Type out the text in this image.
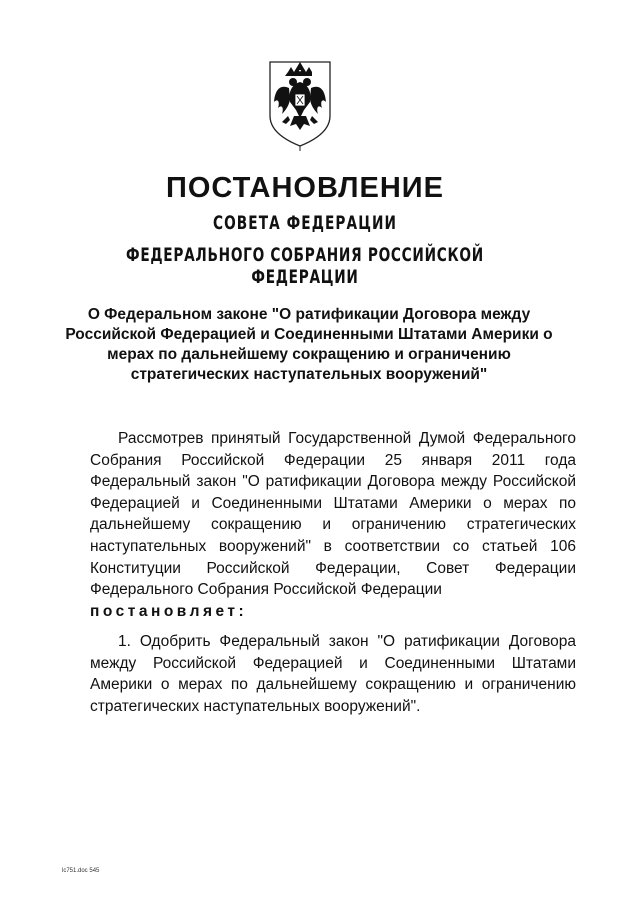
ПОСТАНОВЛЕНИЕ
СОВЕТА ФЕДЕРАЦИИ
ФЕДЕРАЛЬНОГО СОБРАНИЯ РОССИЙСКОЙ ФЕДЕРАЦИИ
О Федеральном законе "О ратификации Договора между Российской Федерацией и Соединенными Штатами Америки о мерах по дальнейшему сокращению и ограничению стратегических наступательных вооружений"
Рассмотрев принятый Государственной Думой Федерального Собрания Российской Федерации 25 января 2011 года Федеральный закон "О ратификации Договора между Российской Федерацией и Соединенными Штатами Америки о мерах по дальнейшему сокращению и ограничению стратегических наступательных вооружений" в соответствии со статьей 106 Конституции Российской Федерации, Совет Федерации Федерального Собрания Российской Федерации
постановляет:
1. Одобрить Федеральный закон "О ратификации Договора между Российской Федерацией и Соединенными Штатами Америки о мерах по дальнейшему сокращению и ограничению стратегических наступательных вооружений".
lc751.doc 545
